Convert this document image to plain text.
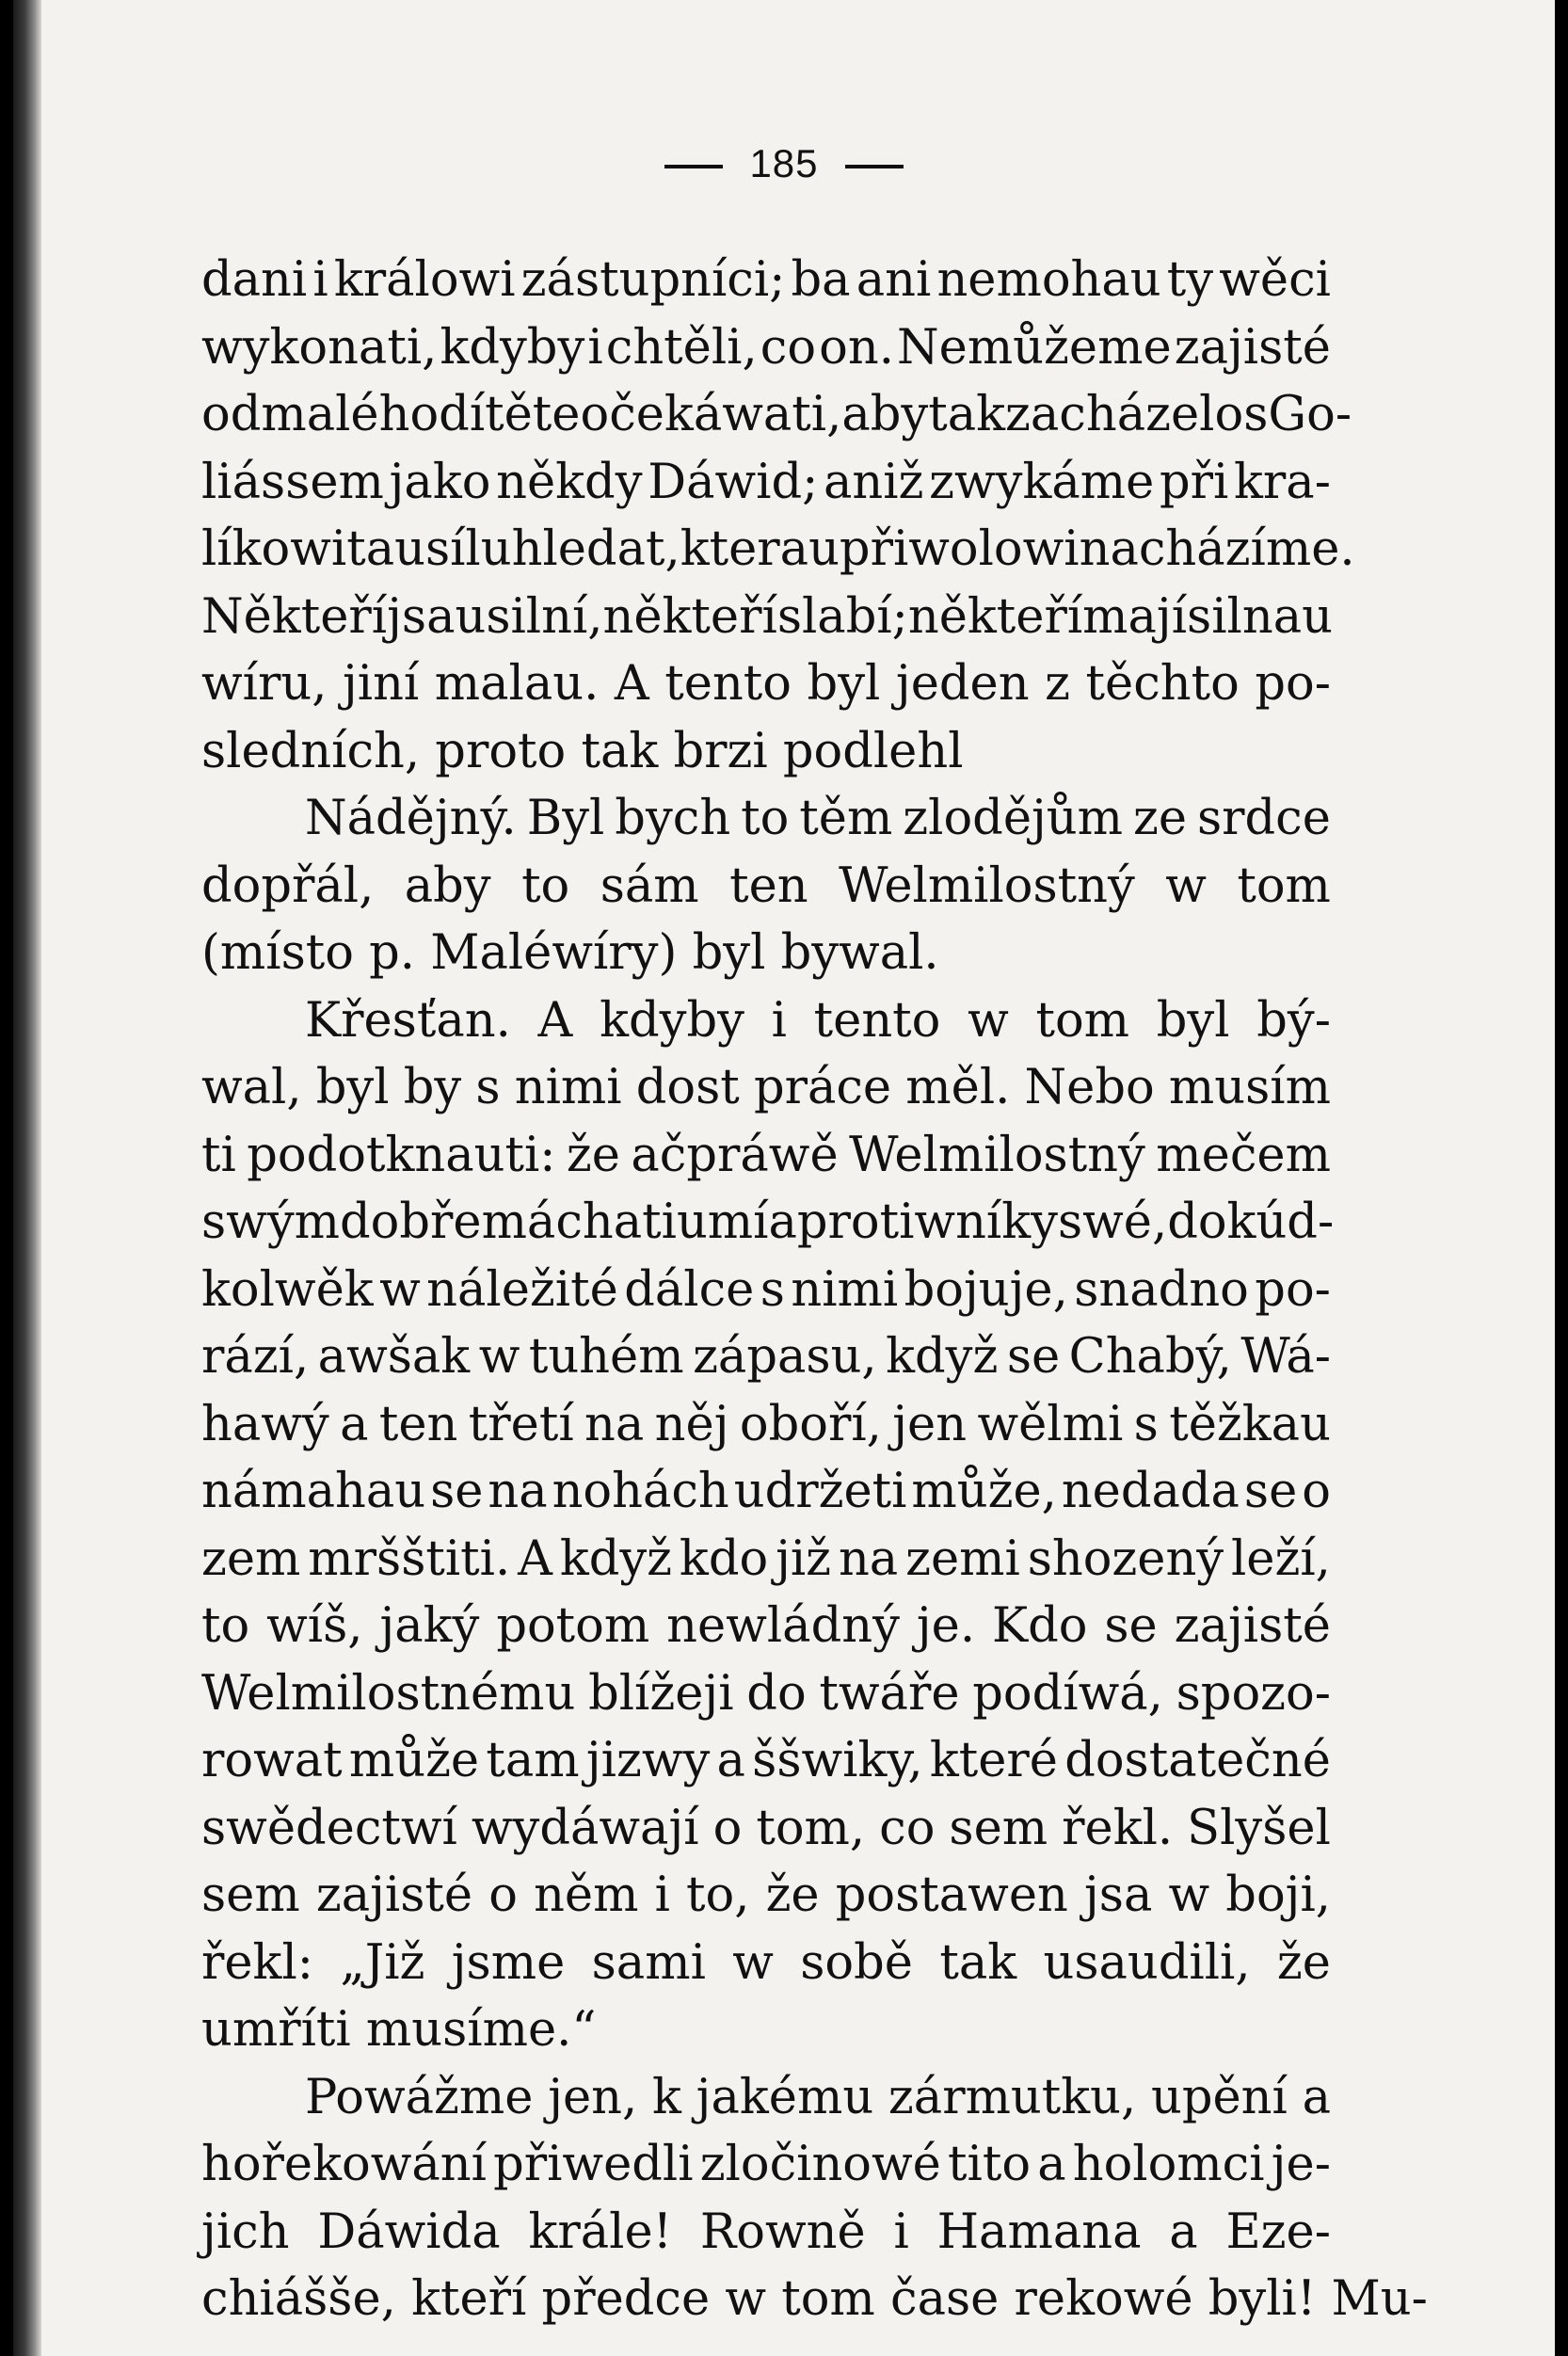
185
dani i králowi zástupníci; ba ani nemohau ty wěci
wykonati, kdyby i chtěli, co on. Nemůžeme zajisté
od malého dítěte očekáwati, aby tak zacházelo s Go-
liássem jako někdy Dáwid; aniž zwykáme při kra-
líkowi tau sílu hledat, kterau při wolowi nacházíme.
Někteří jsau silní, někteří slabí; někteří mají silnau
wíru, jiní malau. A tento byl jeden z těchto po-
sledních, proto tak brzi podlehl
Nádějný. Byl bych to těm zlodějům ze srdce
dopřál, aby to sám ten Welmilostný w tom
(místo p. Maléwíry) byl bywal.
Křesťan. A kdyby i tento w tom byl bý-
wal, byl by s nimi dost práce měl. Nebo musím
ti podotknauti: že ačpráwě Welmilostný mečem
swým dobře máchati umí a protiwníky swé, dokúd-
kolwěk w náležité dálce s nimi bojuje, snadno po-
rází, awšak w tuhém zápasu, když se Chabý, Wá-
hawý a ten třetí na něj oboří, jen wělmi s těžkau
námahau se na nohách udržeti může, nedada se o
zem mršštiti. A když kdo již na zemi shozený leží,
to wíš, jaký potom newládný je. Kdo se zajisté
Welmilostnému blížeji do twáře podíwá, spozo-
rowat může tam jizwy a ššwiky, které dostatečné
swědectwí wydáwají o tom, co sem řekl. Slyšel
sem zajisté o něm i to, že postawen jsa w boji,
řekl: „Již jsme sami w sobě tak usaudili, že
umříti musíme.“
Powážme jen, k jakému zármutku, upění a
hořekowání přiwedli zločinowé tito a holomci je-
jich Dáwida krále! Rowně i Hamana a Eze-
chiášše, kteří předce w tom čase rekowé byli! Mu-
